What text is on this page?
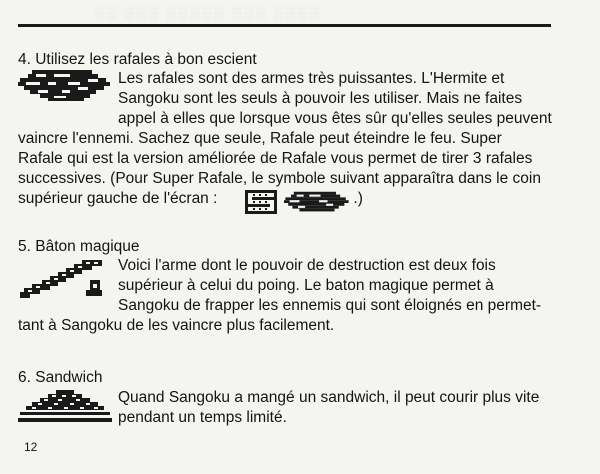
▒▒ ▒▒▒ ▒▒▒▒▒ ▒▒▒ ▒▒▒▒

4. Utilisez les rafales à bon escient

Les rafales sont des armes très puissantes. L'Hermite et
Sangoku sont les seuls à pouvoir les utiliser. Mais ne faites
appel à elles que lorsque vous êtes sûr qu'elles seules peuvent
vaincre l'ennemi. Sachez que seule, Rafale peut éteindre le feu. Super
Rafale qui est la version améliorée de Rafale vous permet de tirer 3 rafales
successives. (Pour Super Rafale, le symbole suivant apparaîtra dans le coin
supérieur gauche de l'écran :	.)

5. Bâton magique

Voici l'arme dont le pouvoir de destruction est deux fois
supérieur à celui du poing. Le baton magique permet à
Sangoku de frapper les ennemis qui sont éloignés en permet-
tant à Sangoku de les vaincre plus facilement.

6. Sandwich

Quand Sangoku a mangé un sandwich, il peut courir plus vite
pendant un temps limité.

12
